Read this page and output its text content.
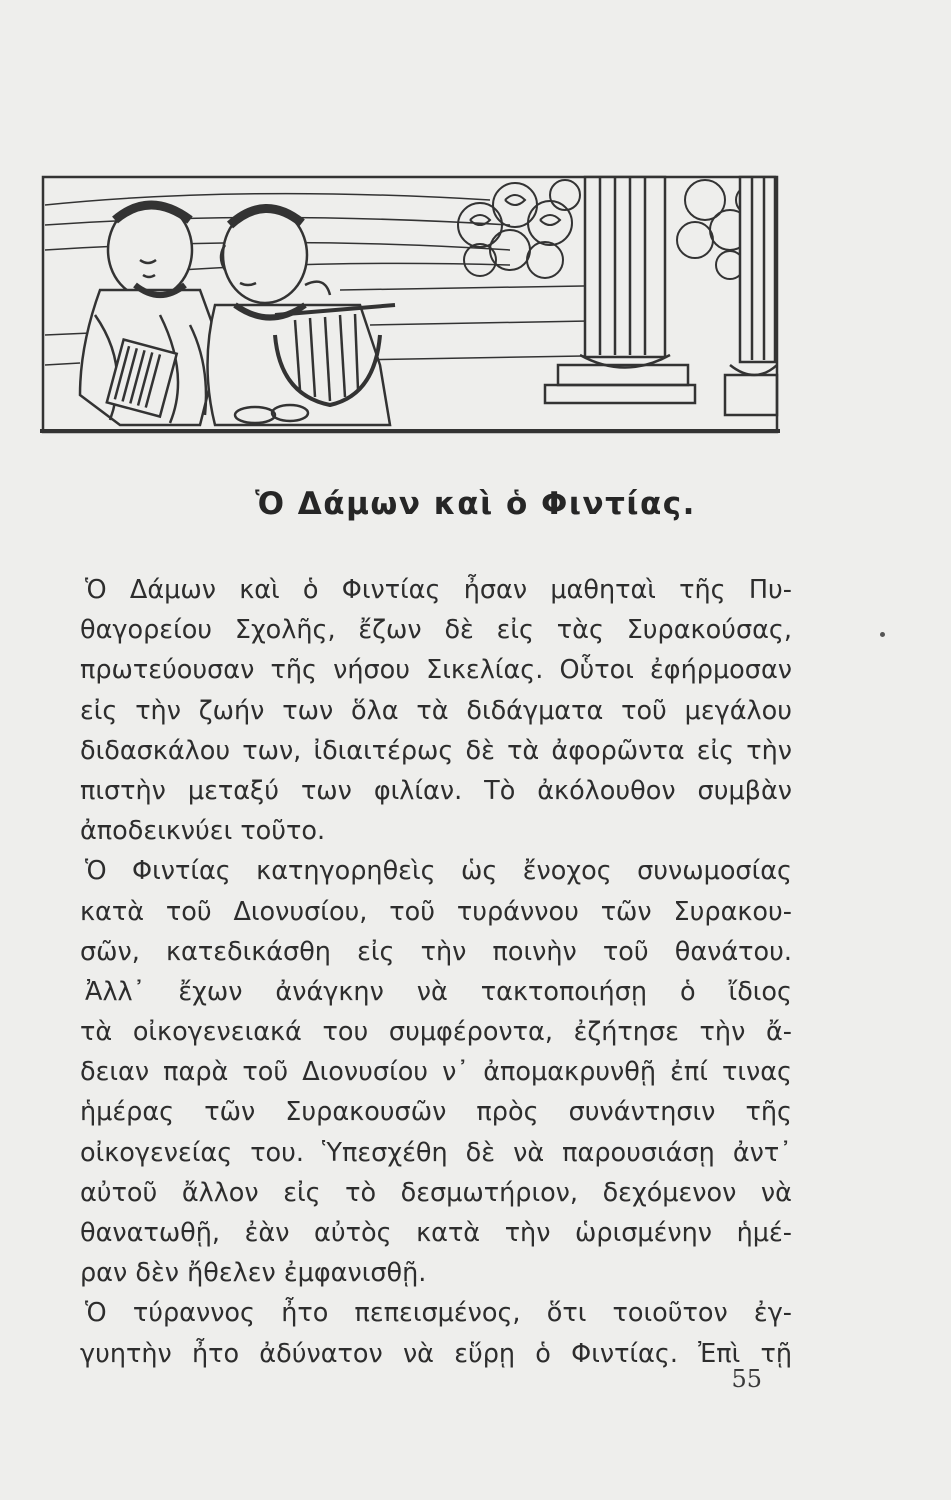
Ὁ Δάμων καὶ ὁ Φιντίας.
Ὁ Δάμων καὶ ὁ Φιντίας ἦσαν μαθηταὶ τῆς Πυ-
θαγορείου Σχολῆς, ἔζων δὲ εἰς τὰς Συρακούσας,
πρωτεύουσαν τῆς νήσου Σικελίας. Οὗτοι ἐφήρμοσαν
εἰς τὴν ζωήν των ὅλα τὰ διδάγματα τοῦ μεγάλου
διδασκάλου των, ἰδιαιτέρως δὲ τὰ ἀφορῶντα εἰς τὴν
πιστὴν μεταξύ των φιλίαν. Τὸ ἀκόλουθον συμβὰν
ἀποδεικνύει τοῦτο.
Ὁ Φιντίας κατηγορηθεὶς ὡς ἔνοχος συνωμοσίας
κατὰ τοῦ Διονυσίου, τοῦ τυράννου τῶν Συρακου-
σῶν, κατεδικάσθη εἰς τὴν ποινὴν τοῦ θανάτου.
Ἀλλ᾽ ἔχων ἀνάγκην νὰ τακτοποιήσῃ ὁ ἴδιος
τὰ οἰκογενειακά του συμφέροντα, ἐζήτησε τὴν ἄ-
δειαν παρὰ τοῦ Διονυσίου ν᾽ ἀπομακρυνθῇ ἐπί τινας
ἡμέρας τῶν Συρακουσῶν πρὸς συνάντησιν τῆς
οἰκογενείας του. Ὑπεσχέθη δὲ νὰ παρουσιάσῃ ἀντ᾽
αὐτοῦ ἄλλον εἰς τὸ δεσμωτήριον, δεχόμενον νὰ
θανατωθῇ, ἐὰν αὐτὸς κατὰ τὴν ὡρισμένην ἡμέ-
ραν δὲν ἤθελεν ἐμφανισθῇ.
Ὁ τύραννος ἦτο πεπεισμένος, ὅτι τοιοῦτον ἐγ-
γυητὴν ἦτο ἀδύνατον νὰ εὕρῃ ὁ Φιντίας. Ἐπὶ τῇ
55
